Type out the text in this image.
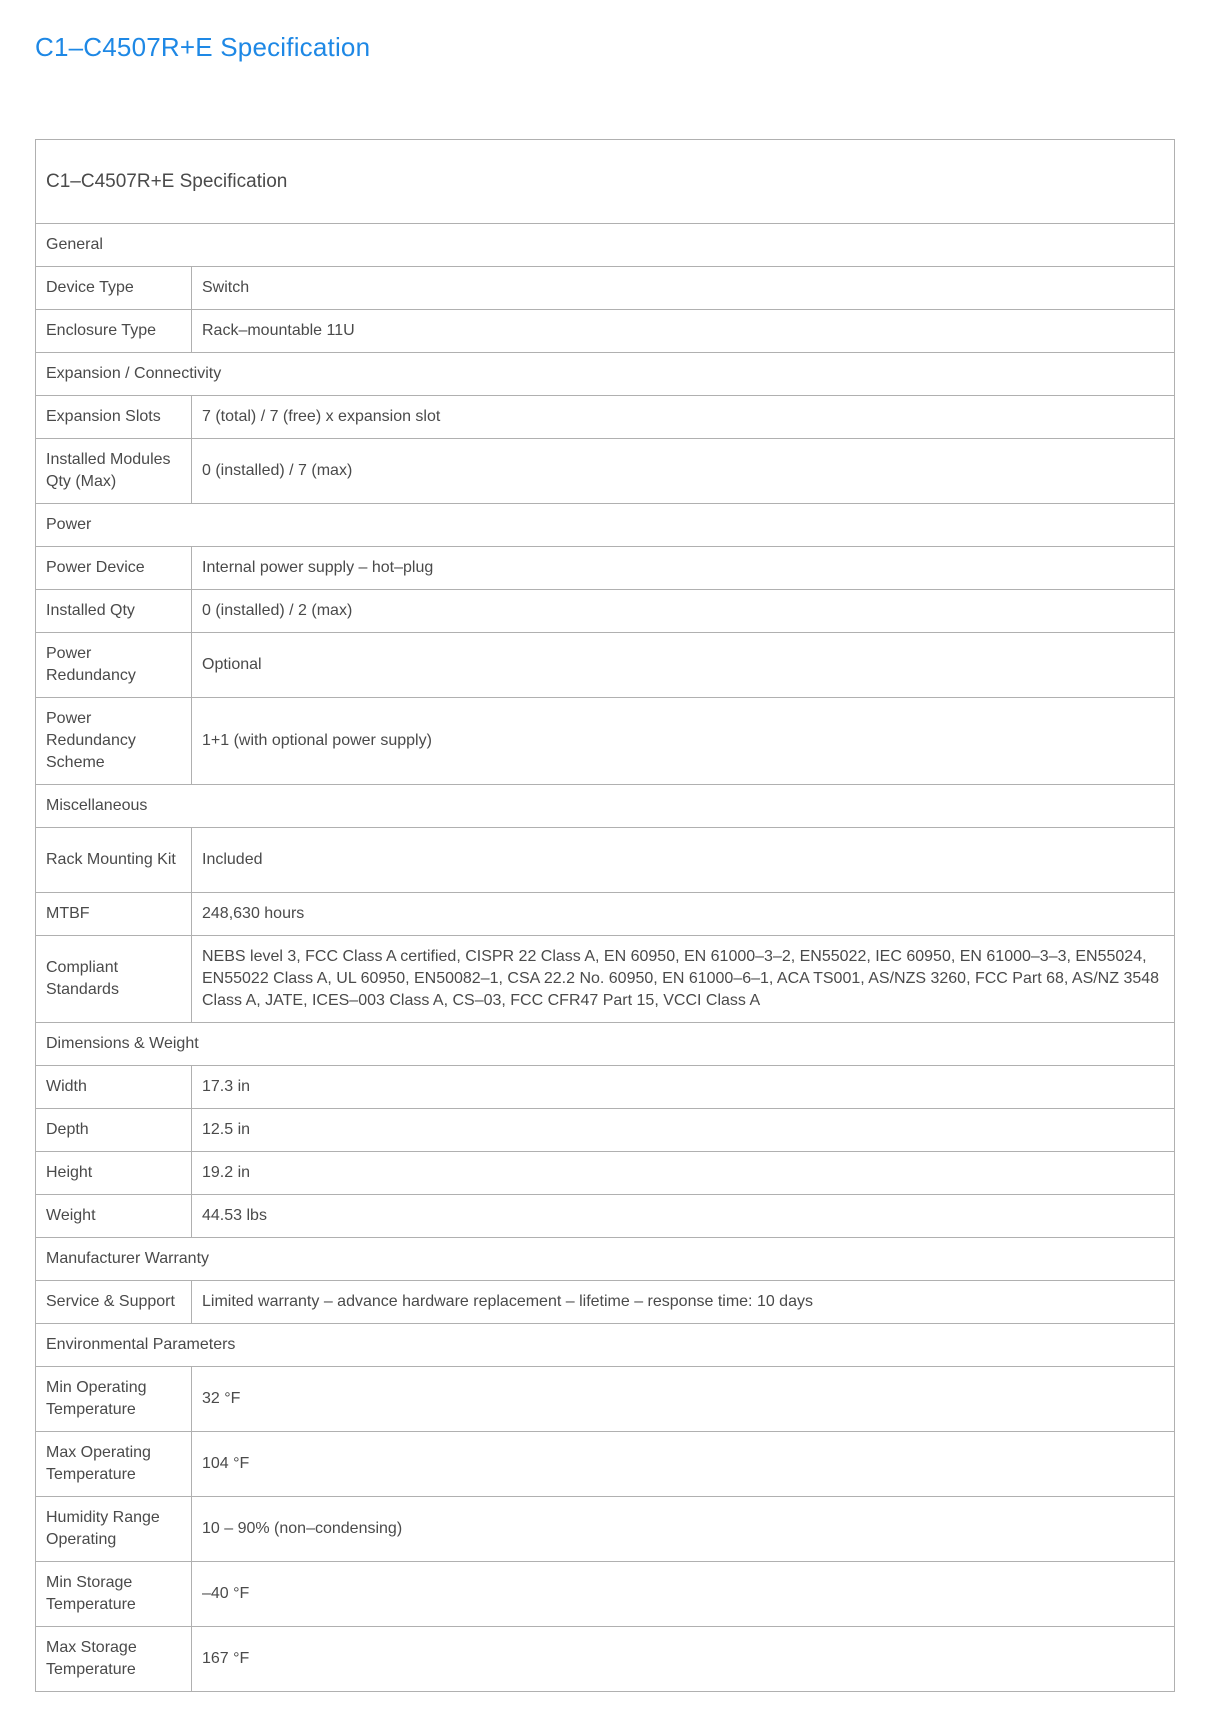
C1–C4507R+E Specification
C1–C4507R+E Specification	
General	
Device Type	Switch
Enclosure Type	Rack–mountable 11U
Expansion / Connectivity	
Expansion Slots	7 (total) / 7 (free) x expansion slot
Installed Modules Qty (Max)	0 (installed) / 7 (max)
Power	
Power Device	Internal power supply – hot–plug
Installed Qty	0 (installed) / 2 (max)
Power Redundancy	Optional
Power Redundancy Scheme	1+1 (with optional power supply)
Miscellaneous	
Rack Mounting Kit	Included
MTBF	248,630 hours
Compliant Standards	NEBS level 3, FCC Class A certified, CISPR 22 Class A, EN 60950, EN 61000–3–2, EN55022, IEC 60950, EN 61000–3–3, EN55024, EN55022 Class A, UL 60950, EN50082–1, CSA 22.2 No. 60950, EN 61000–6–1, ACA TS001, AS/NZS 3260, FCC Part 68, AS/NZ 3548 Class A, JATE, ICES–003 Class A, CS–03, FCC CFR47 Part 15, VCCI Class A
Dimensions & Weight	
Width	17.3 in
Depth	12.5 in
Height	19.2 in
Weight	44.53 lbs
Manufacturer Warranty	
Service & Support	Limited warranty – advance hardware replacement – lifetime – response time: 10 days
Environmental Parameters	
Min Operating Temperature	32 °F
Max Operating Temperature	104 °F
Humidity Range Operating	10 – 90% (non–condensing)
Min Storage Temperature	–40 °F
Max Storage Temperature	167 °F
